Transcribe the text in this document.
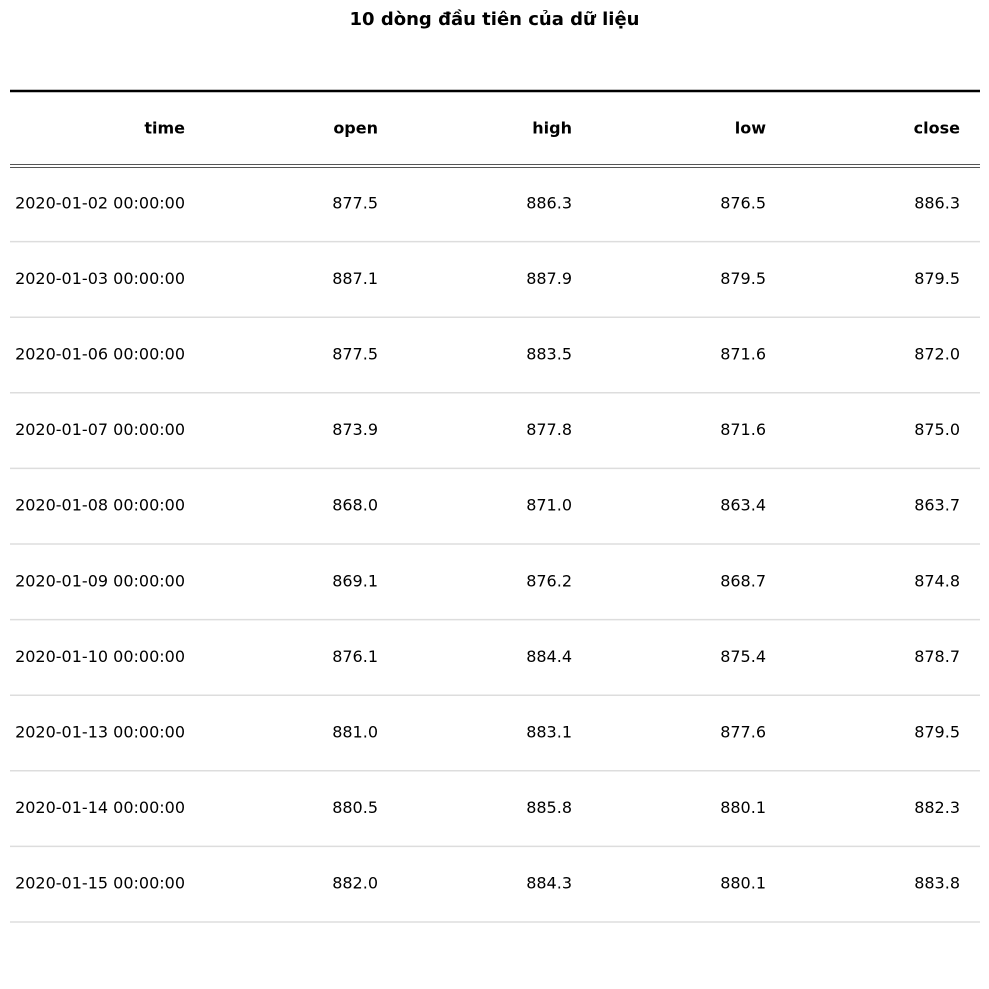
10 dòng đầu tiên của dữ liệu
time	open	high	low	close
2020-01-02 00:00:00	877.5	886.3	876.5	886.3
2020-01-03 00:00:00	887.1	887.9	879.5	879.5
2020-01-06 00:00:00	877.5	883.5	871.6	872.0
2020-01-07 00:00:00	873.9	877.8	871.6	875.0
2020-01-08 00:00:00	868.0	871.0	863.4	863.7
2020-01-09 00:00:00	869.1	876.2	868.7	874.8
2020-01-10 00:00:00	876.1	884.4	875.4	878.7
2020-01-13 00:00:00	881.0	883.1	877.6	879.5
2020-01-14 00:00:00	880.5	885.8	880.1	882.3
2020-01-15 00:00:00	882.0	884.3	880.1	883.8
